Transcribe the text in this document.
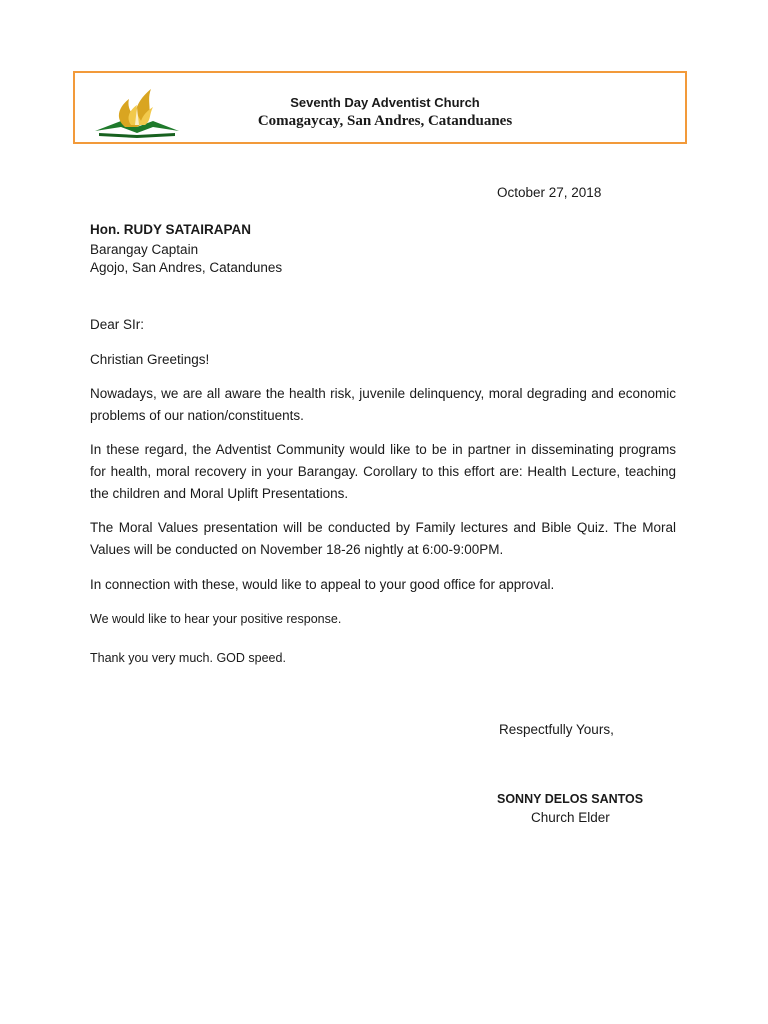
Seventh Day Adventist Church
Comagaycay, San Andres, Catanduanes
October 27, 2018
Hon. RUDY SATAIRAPAN
Barangay Captain
Agojo, San Andres, Catandunes
Dear SIr:
Christian Greetings!
Nowadays, we are all aware the health risk, juvenile delinquency, moral degrading and economic problems of our nation/constituents.
In these regard, the Adventist Community would like to be in partner in disseminating programs for health, moral recovery in your Barangay. Corollary to this effort are: Health Lecture, teaching the children and Moral Uplift Presentations.
The Moral Values presentation will be conducted by Family lectures and Bible Quiz. The Moral Values will be conducted on November 18-26 nightly at 6:00-9:00PM.
In connection with these, would like to appeal to your good office for approval.
We would like to hear your positive response.
Thank you very much. GOD speed.
Respectfully Yours,
SONNY DELOS SANTOS
Church Elder
